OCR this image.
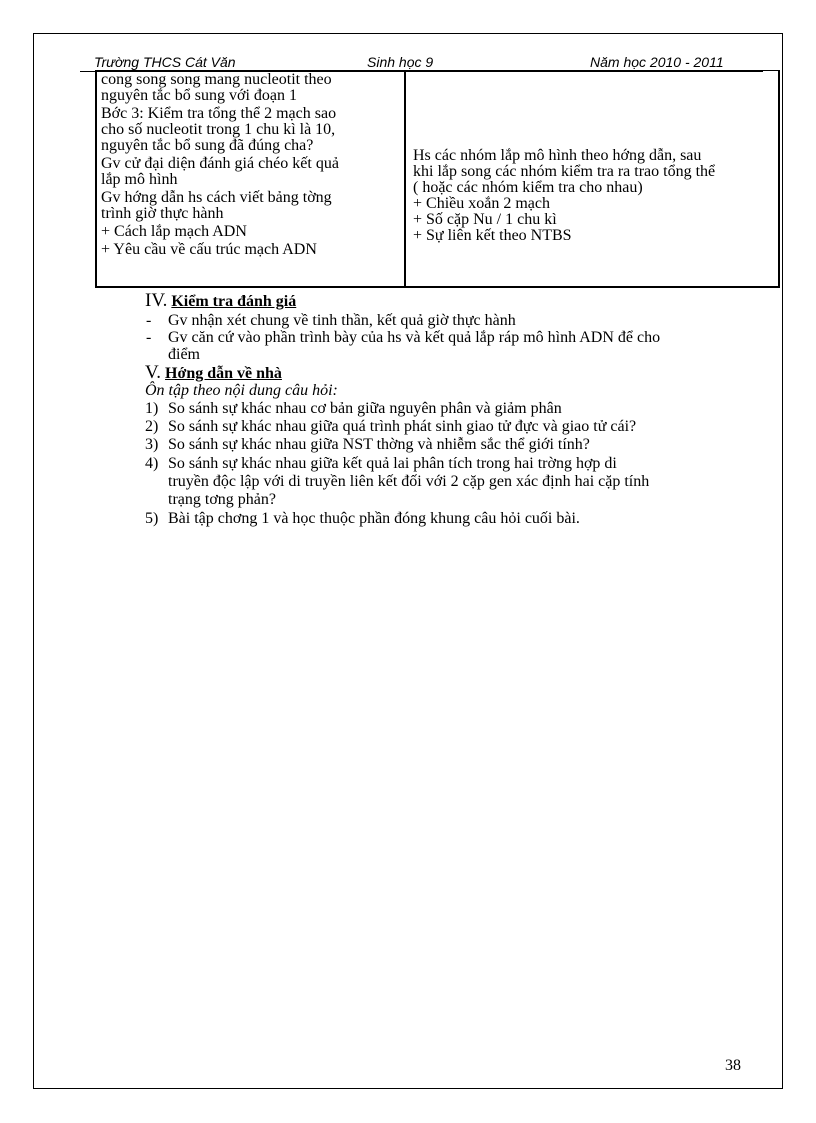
Trường THCS Cát Văn	Sinh học 9	Năm học 2010 - 2011
cong song song mang nucleotit theo
nguyên tắc bổ sung với đoạn 1
Bớc 3: Kiểm tra tổng thể 2 mạch sao
cho số nucleotit trong 1 chu kì là 10,
nguyên tắc bổ sung đã đúng cha?
Gv cử đại diện đánh giá chéo kết quả
lắp mô hình
Gv hớng dẫn hs cách viết bảng tờng
trình giờ thực hành
+ Cách lắp mạch ADN
+ Yêu cầu về cấu trúc mạch ADN
Hs các nhóm lắp mô hình theo hớng dẫn, sau
khi lắp song các nhóm kiểm tra ra trao tổng thể
( hoặc các nhóm kiểm tra cho nhau)
+ Chiều xoắn 2 mạch
+ Số cặp Nu / 1 chu kì
+ Sự liên kết theo NTBS
IV. Kiểm tra đánh giá
- Gv nhận xét chung về tinh thần, kết quả giờ thực hành
- Gv căn cứ vào phần trình bày của hs và kết quả lắp ráp mô hình ADN để cho
điểm
V. Hớng dẫn về nhà
Ôn tập theo nội dung câu hỏi:
1) So sánh sự khác nhau cơ bản giữa nguyên phân và giảm phân
2) So sánh sự khác nhau giữa quá trình phát sinh giao tử đực và giao tử cái?
3) So sánh sự khác nhau giữa NST thờng và nhiễm sắc thể giới tính?
4) So sánh sự khác nhau giữa kết quả lai phân tích trong hai trờng hợp di
truyền độc lập với di truyền liên kết đối với 2 cặp gen xác định hai cặp tính
trạng tơng phản?
5) Bài tập chơng 1 và học thuộc phần đóng khung câu hỏi cuối bài.
38
